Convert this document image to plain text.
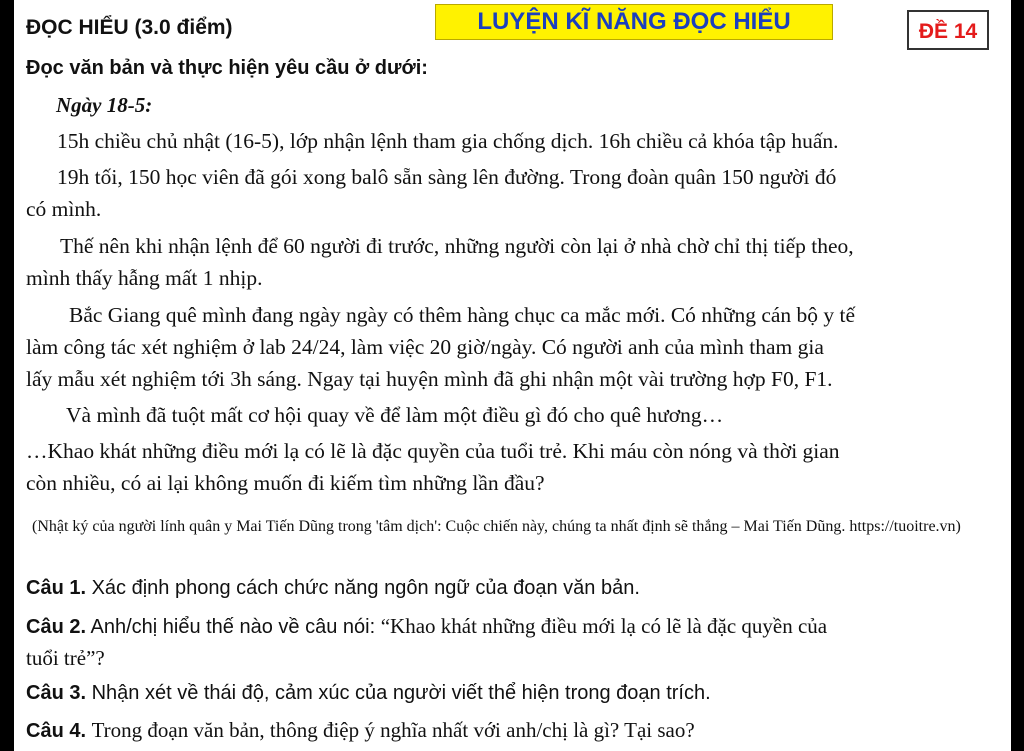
ĐỌC HIỂU (3.0 điểm)	LUYỆN KĨ NĂNG ĐỌC HIỂU	ĐỀ 14
Đọc văn bản và thực hiện yêu cầu ở dưới:
Ngày 18-5:
15h chiều chủ nhật (16-5), lớp nhận lệnh tham gia chống dịch. 16h chiều cả khóa tập huấn.
19h tối, 150 học viên đã gói xong balô sẵn sàng lên đường. Trong đoàn quân 150 người đó
có mình.
Thế nên khi nhận lệnh để 60 người đi trước, những người còn lại ở nhà chờ chỉ thị tiếp theo,
mình thấy hẫng mất 1 nhịp.
Bắc Giang quê mình đang ngày ngày có thêm hàng chục ca mắc mới. Có những cán bộ y tế
làm công tác xét nghiệm ở lab 24/24, làm việc 20 giờ/ngày. Có người anh của mình tham gia
lấy mẫu xét nghiệm tới 3h sáng. Ngay tại huyện mình đã ghi nhận một vài trường hợp F0, F1.
Và mình đã tuột mất cơ hội quay về để làm một điều gì đó cho quê hương…
…Khao khát những điều mới lạ có lẽ là đặc quyền của tuổi trẻ. Khi máu còn nóng và thời gian
còn nhiều, có ai lại không muốn đi kiếm tìm những lần đầu?
(Nhật ký của người lính quân y Mai Tiến Dũng trong 'tâm dịch': Cuộc chiến này, chúng ta nhất định sẽ thắng – Mai Tiến Dũng. https://tuoitre.vn)
Câu 1. Xác định phong cách chức năng ngôn ngữ của đoạn văn bản.
Câu 2. Anh/chị hiểu thế nào về câu nói: “Khao khát những điều mới lạ có lẽ là đặc quyền của
tuổi trẻ”?
Câu 3. Nhận xét về thái độ, cảm xúc của người viết thể hiện trong đoạn trích.
Câu 4. Trong đoạn văn bản, thông điệp ý nghĩa nhất với anh/chị là gì? Tại sao?
